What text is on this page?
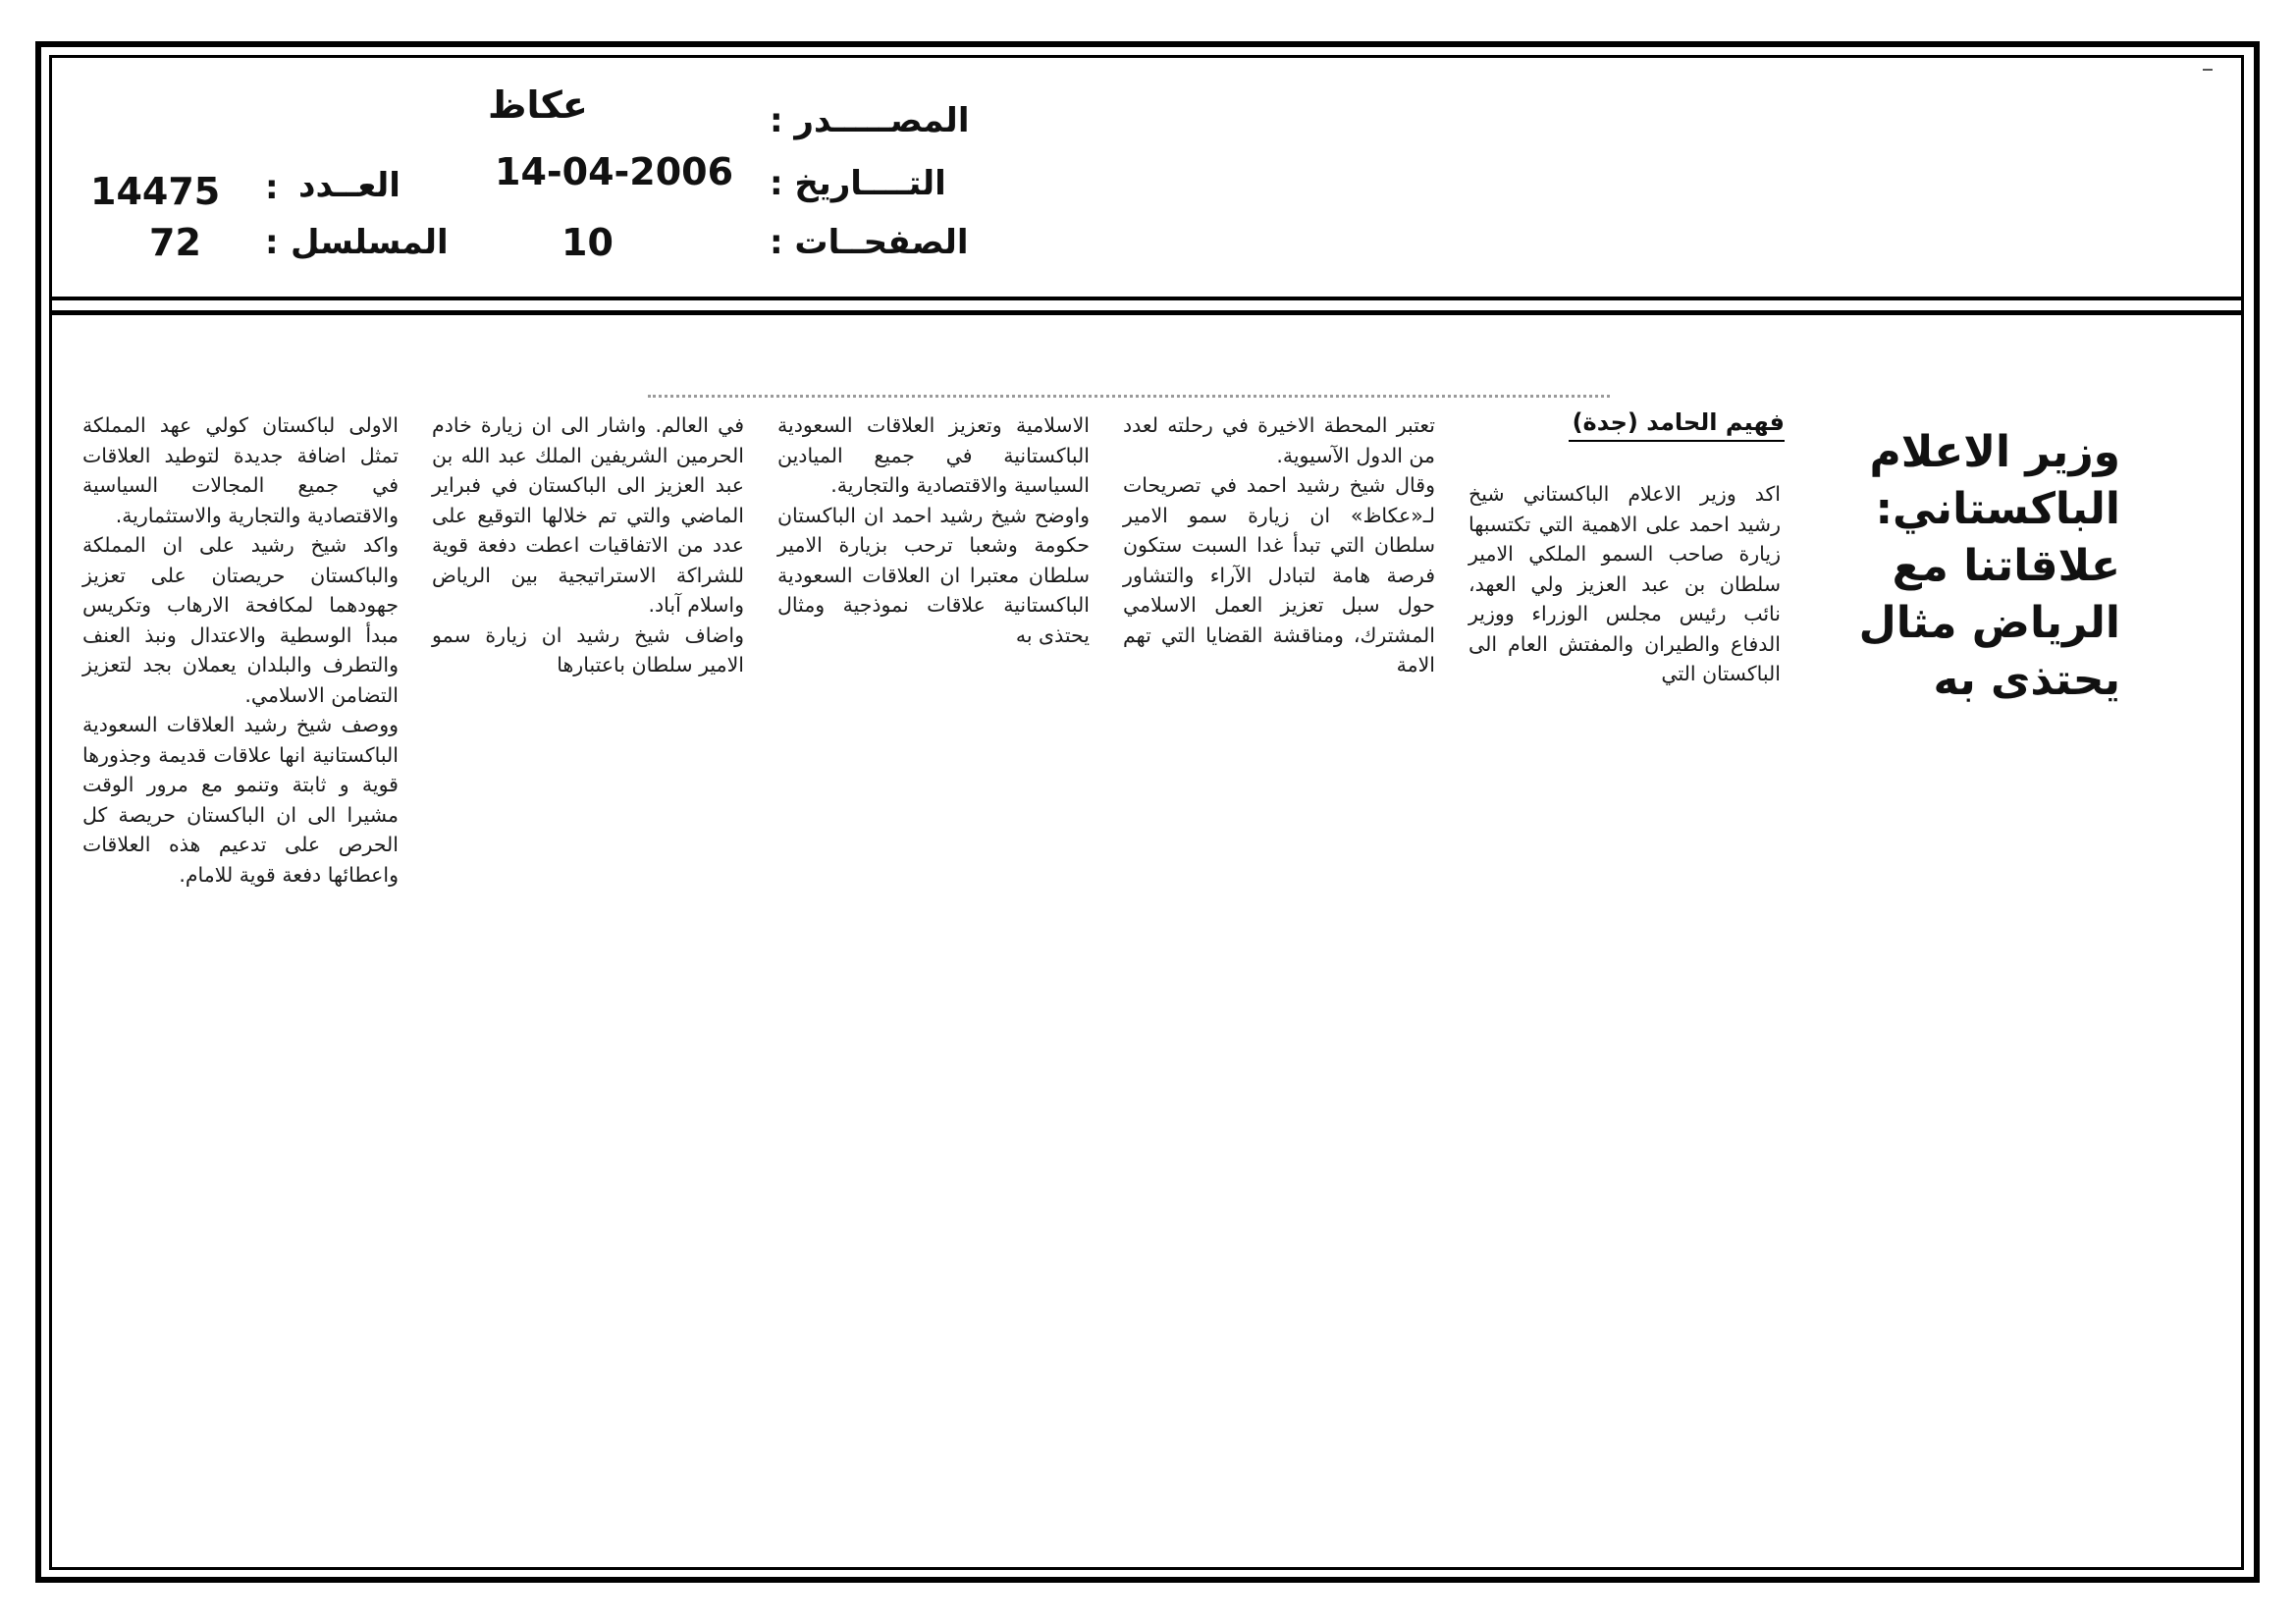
عكاظ	المصـــــدر :
14-04-2006 التــــاريخ :
10	الصفحــات :
14475 : العــدد
72 : المسلسل
وزير الاعلام الباكستاني: علاقاتنا مع الرياض مثال يحتذى به
فهيم الحامد (جدة)

اكد وزير الاعلام الباكستاني شيخ رشيد احمد على الاهمية التي تكتسبها زيارة صاحب السمو الملكي الامير سلطان بن عبد العزيز ولي العهد، نائب رئيس مجلس الوزراء ووزير الدفاع والطيران والمفتش العام الى الباكستان التي

تعتبر المحطة الاخيرة في رحلته لعدد من الدول الآسيوية.

وقال شيخ رشيد احمد في تصريحات لـ«عكاظ» ان زيارة سمو الامير سلطان التي تبدأ غدا السبت ستكون فرصة هامة لتبادل الآراء والتشاور حول سبل تعزيز العمل الاسلامي المشترك، ومناقشة القضايا التي تهم الامة

الاسلامية وتعزيز العلاقات السعودية الباكستانية في جميع الميادين السياسية والاقتصادية والتجارية.

واوضح شيخ رشيد احمد ان الباكستان حكومة وشعبا ترحب بزيارة الامير سلطان معتبرا ان العلاقات السعودية الباكستانية علاقات نموذجية ومثال يحتذى به

في العالم. واشار الى ان زيارة خادم الحرمين الشريفين الملك عبد الله بن عبد العزيز الى الباكستان في فبراير الماضي والتي تم خلالها التوقيع على عدد من الاتفاقيات اعطت دفعة قوية للشراكة الاستراتيجية بين الرياض واسلام آباد.

واضاف شيخ رشيد ان زيارة سمو الامير سلطان باعتبارها

الاولى لباكستان كولي عهد المملكة تمثل اضافة جديدة لتوطيد العلاقات في جميع المجالات السياسية والاقتصادية والتجارية والاستثمارية.

واكد شيخ رشيد على ان المملكة والباكستان حريصتان على تعزيز جهودهما لمكافحة الارهاب وتكريس مبدأ الوسطية والاعتدال ونبذ العنف والتطرف والبلدان يعملان بجد لتعزيز التضامن الاسلامي.

ووصف شيخ رشيد العلاقات السعودية الباكستانية انها علاقات قديمة وجذورها قوية و ثابتة وتنمو مع مرور الوقت مشيرا الى ان الباكستان حريصة كل الحرص على تدعيم هذه العلاقات واعطائها دفعة قوية للامام.
